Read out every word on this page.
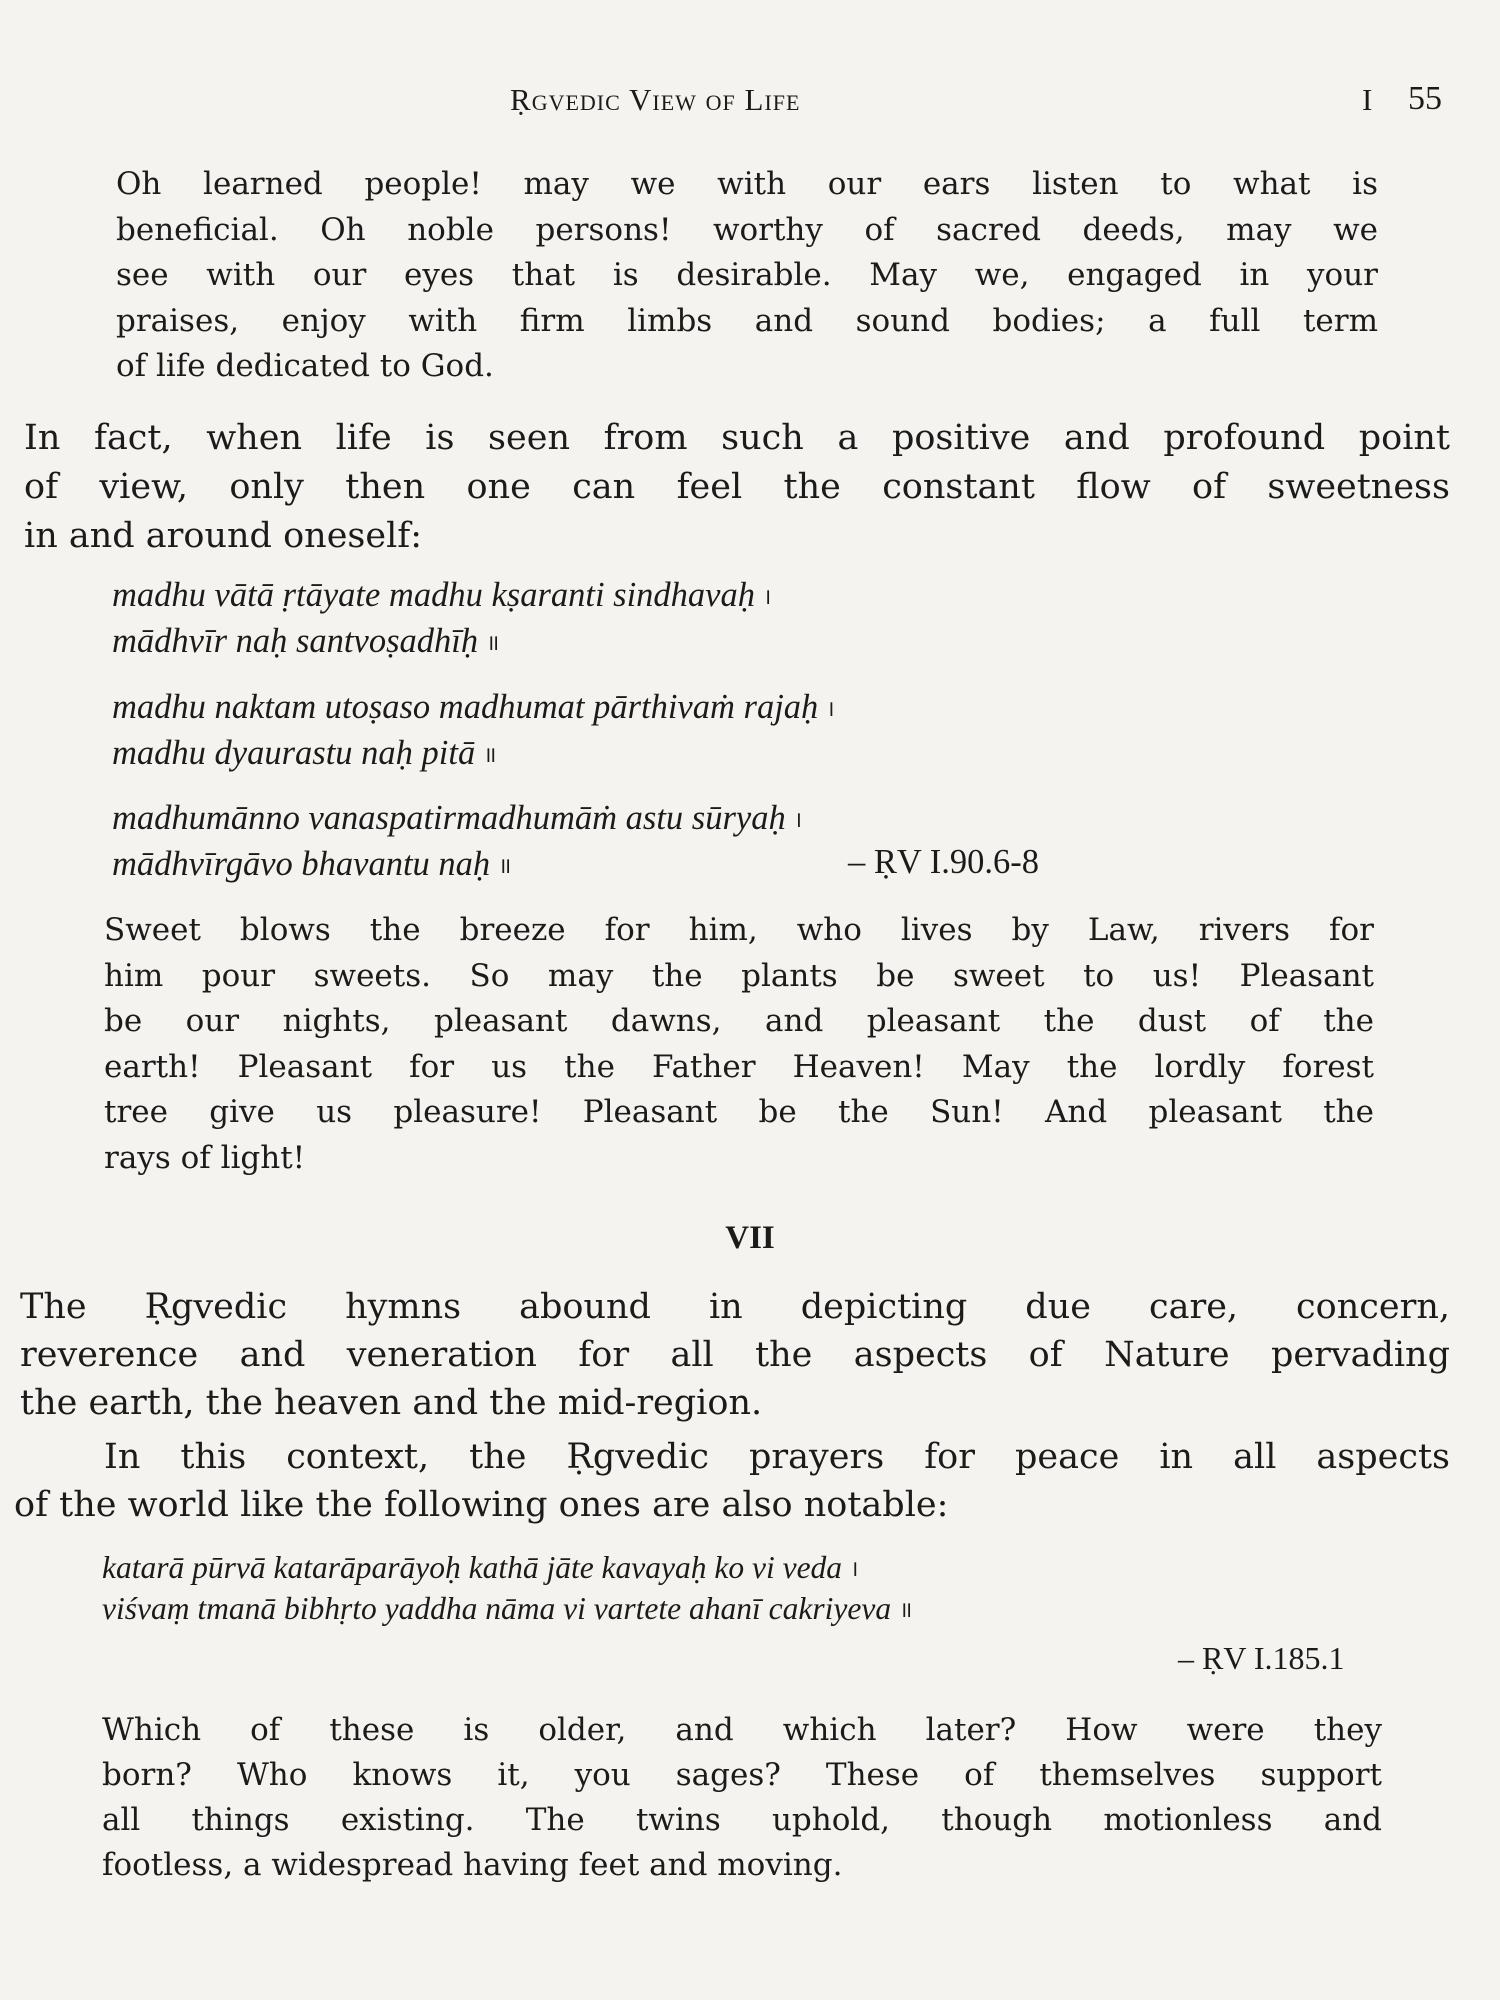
Ṛgvedic View of Life	I 55
Oh learned people! may we with our ears listen to what is
beneficial. Oh noble persons! worthy of sacred deeds, may we
see with our eyes that is desirable. May we, engaged in your
praises, enjoy with firm limbs and sound bodies; a full term
of life dedicated to God.
In fact, when life is seen from such a positive and profound point
of view, only then one can feel the constant flow of sweetness
in and around oneself:
madhu vātā ṛtāyate madhu kṣaranti sindhavaḥ ।
mādhvīr naḥ santvoṣadhīḥ ॥
madhu naktam utoṣaso madhumat pārthivaṁ rajaḥ ।
madhu dyaurastu naḥ pitā ॥
madhumānno vanaspatirmadhumāṁ astu sūryaḥ ।
mādhvīrgāvo bhavantu naḥ ॥	– ṚV I.90.6-8
Sweet blows the breeze for him, who lives by Law, rivers for
him pour sweets. So may the plants be sweet to us! Pleasant
be our nights, pleasant dawns, and pleasant the dust of the
earth! Pleasant for us the Father Heaven! May the lordly forest
tree give us pleasure! Pleasant be the Sun! And pleasant the
rays of light!
VII
The Ṛgvedic hymns abound in depicting due care, concern,
reverence and veneration for all the aspects of Nature pervading
the earth, the heaven and the mid-region.
In this context, the Ṛgvedic prayers for peace in all aspects
of the world like the following ones are also notable:
katarā pūrvā katarāparāyoḥ kathā jāte kavayaḥ ko vi veda ।
viśvaṃ tmanā bibhṛto yaddha nāma vi vartete ahanī cakriyeva ॥
– ṚV I.185.1
Which of these is older, and which later? How were they
born? Who knows it, you sages? These of themselves support
all things existing. The twins uphold, though motionless and
footless, a widespread having feet and moving.
